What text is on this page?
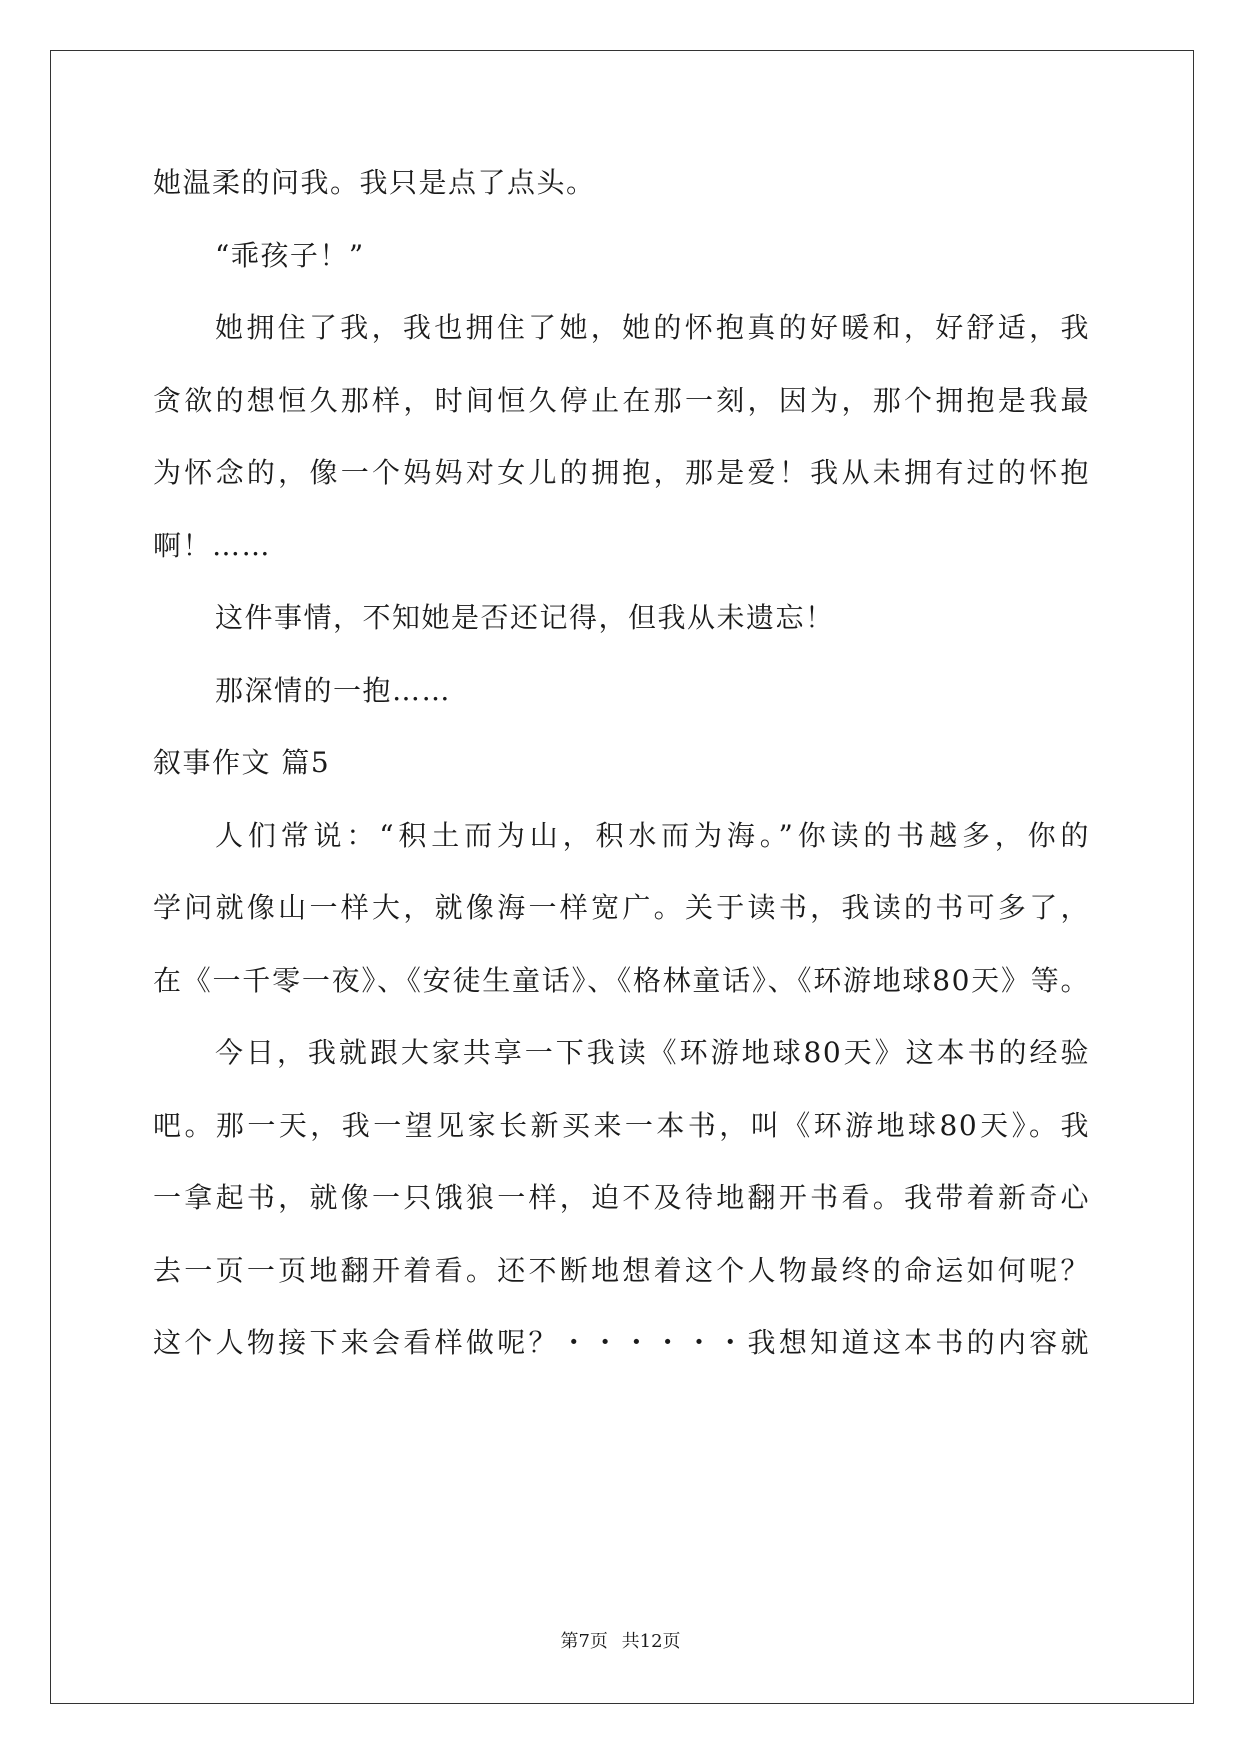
她温柔的问我。我只是点了点头。
“乖孩子！”
她拥住了我，我也拥住了她，她的怀抱真的好暖和，好舒适，我
贪欲的想恒久那样，时间恒久停止在那一刻，因为，那个拥抱是我最
为怀念的，像一个妈妈对女儿的拥抱，那是爱！我从未拥有过的怀抱
啊！……
这件事情，不知她是否还记得，但我从未遗忘！
那深情的一抱……
叙事作文 篇5
人们常说：“积土而为山，积水而为海。”你读的书越多，你的
学问就像山一样大，就像海一样宽广。关于读书，我读的书可多了，
在《一千零一夜》、《安徒生童话》、《格林童话》、《环游地球80天》等。
今日，我就跟大家共享一下我读《环游地球80天》这本书的经验
吧。那一天，我一望见家长新买来一本书，叫《环游地球80天》。我
一拿起书，就像一只饿狼一样，迫不及待地翻开书看。我带着新奇心
去一页一页地翻开着看。还不断地想着这个人物最终的命运如何呢？
这个人物接下来会看样做呢？・・・・・・我想知道这本书的内容就
第7页 共12页
